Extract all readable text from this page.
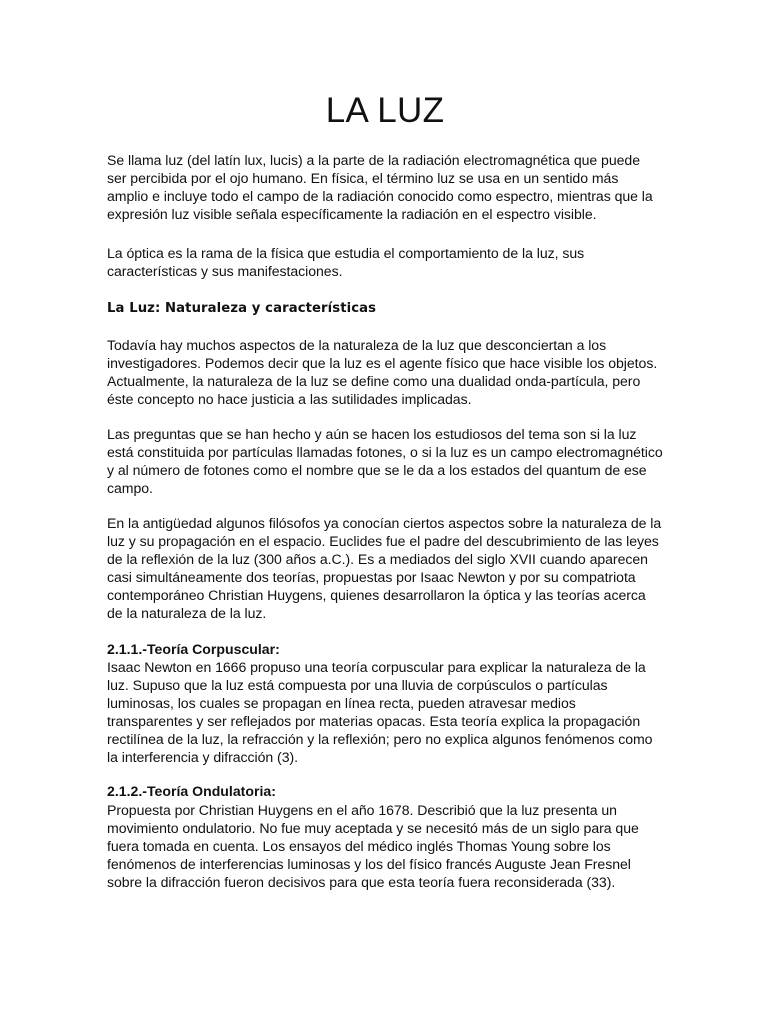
LA LUZ

Se llama luz (del latín lux, lucis) a la parte de la radiación electromagnética que puede ser percibida por el ojo humano. En física, el término luz se usa en un sentido más amplio e incluye todo el campo de la radiación conocido como espectro, mientras que la expresión luz visible señala específicamente la radiación en el espectro visible.

La óptica es la rama de la física que estudia el comportamiento de la luz, sus características y sus manifestaciones.

La Luz: Naturaleza y características

Todavía hay muchos aspectos de la naturaleza de la luz que desconciertan a los investigadores. Podemos decir que la luz es el agente físico que hace visible los objetos. Actualmente, la naturaleza de la luz se define como una dualidad onda-partícula, pero éste concepto no hace justicia a las sutilidades implicadas.

Las preguntas que se han hecho y aún se hacen los estudiosos del tema son si la luz está constituida por partículas llamadas fotones, o si la luz es un campo electromagnético y al número de fotones como el nombre que se le da a los estados del quantum de ese campo.

En la antigüedad algunos filósofos ya conocían ciertos aspectos sobre la naturaleza de la luz y su propagación en el espacio. Euclides fue el padre del descubrimiento de las leyes de la reflexión de la luz (300 años a.C.). Es a mediados del siglo XVII cuando aparecen casi simultáneamente dos teorías, propuestas por Isaac Newton y por su compatriota contemporáneo Christian Huygens, quienes desarrollaron la óptica y las teorías acerca de la naturaleza de la luz.

2.1.1.-Teoría Corpuscular:

Isaac Newton en 1666 propuso una teoría corpuscular para explicar la naturaleza de la luz. Supuso que la luz está compuesta por una lluvia de corpúsculos o partículas luminosas, los cuales se propagan en línea recta, pueden atravesar medios transparentes y ser reflejados por materias opacas. Esta teoría explica la propagación rectilínea de la luz, la refracción y la reflexión; pero no explica algunos fenómenos como la interferencia y difracción (3).

2.1.2.-Teoría Ondulatoria:

Propuesta por Christian Huygens en el año 1678. Describió que la luz presenta un movimiento ondulatorio. No fue muy aceptada y se necesitó más de un siglo para que fuera tomada en cuenta. Los ensayos del médico inglés Thomas Young sobre los fenómenos de interferencias luminosas y los del físico francés Auguste Jean Fresnel sobre la difracción fueron decisivos para que esta teoría fuera reconsiderada (33).
